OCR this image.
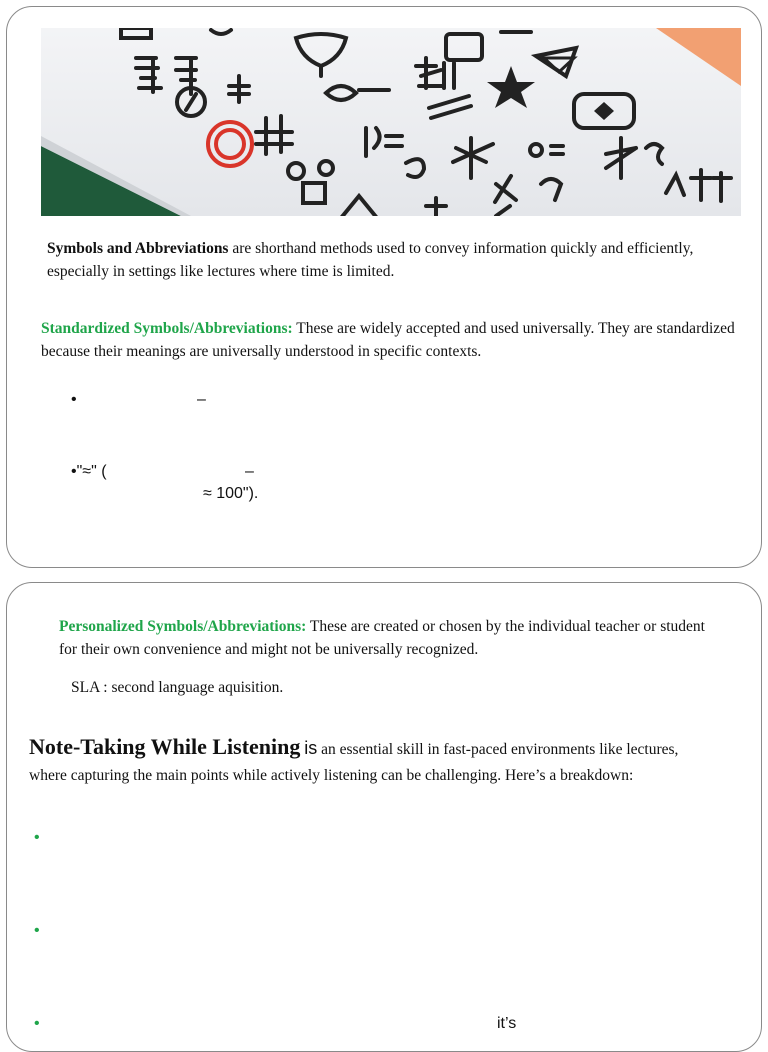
Symbols and Abbreviations are shorthand methods used to convey information quickly and efficiently, especially in settings like lectures where time is limited.
Standardized Symbols/Abbreviations: These are widely accepted and used universally. They are standardized because their meanings are universally understood in specific contexts.
•	–
•"≈" (	–
≈ 100").
Personalized Symbols/Abbreviations: These are created or chosen by the individual teacher or student for their own convenience and might not be universally recognized.
SLA : second language aquisition.
Note-Taking While Listening is an essential skill in fast-paced environments like lectures, where capturing the main points while actively listening can be challenging. Here’s a breakdown:
•
•
•	it’s
